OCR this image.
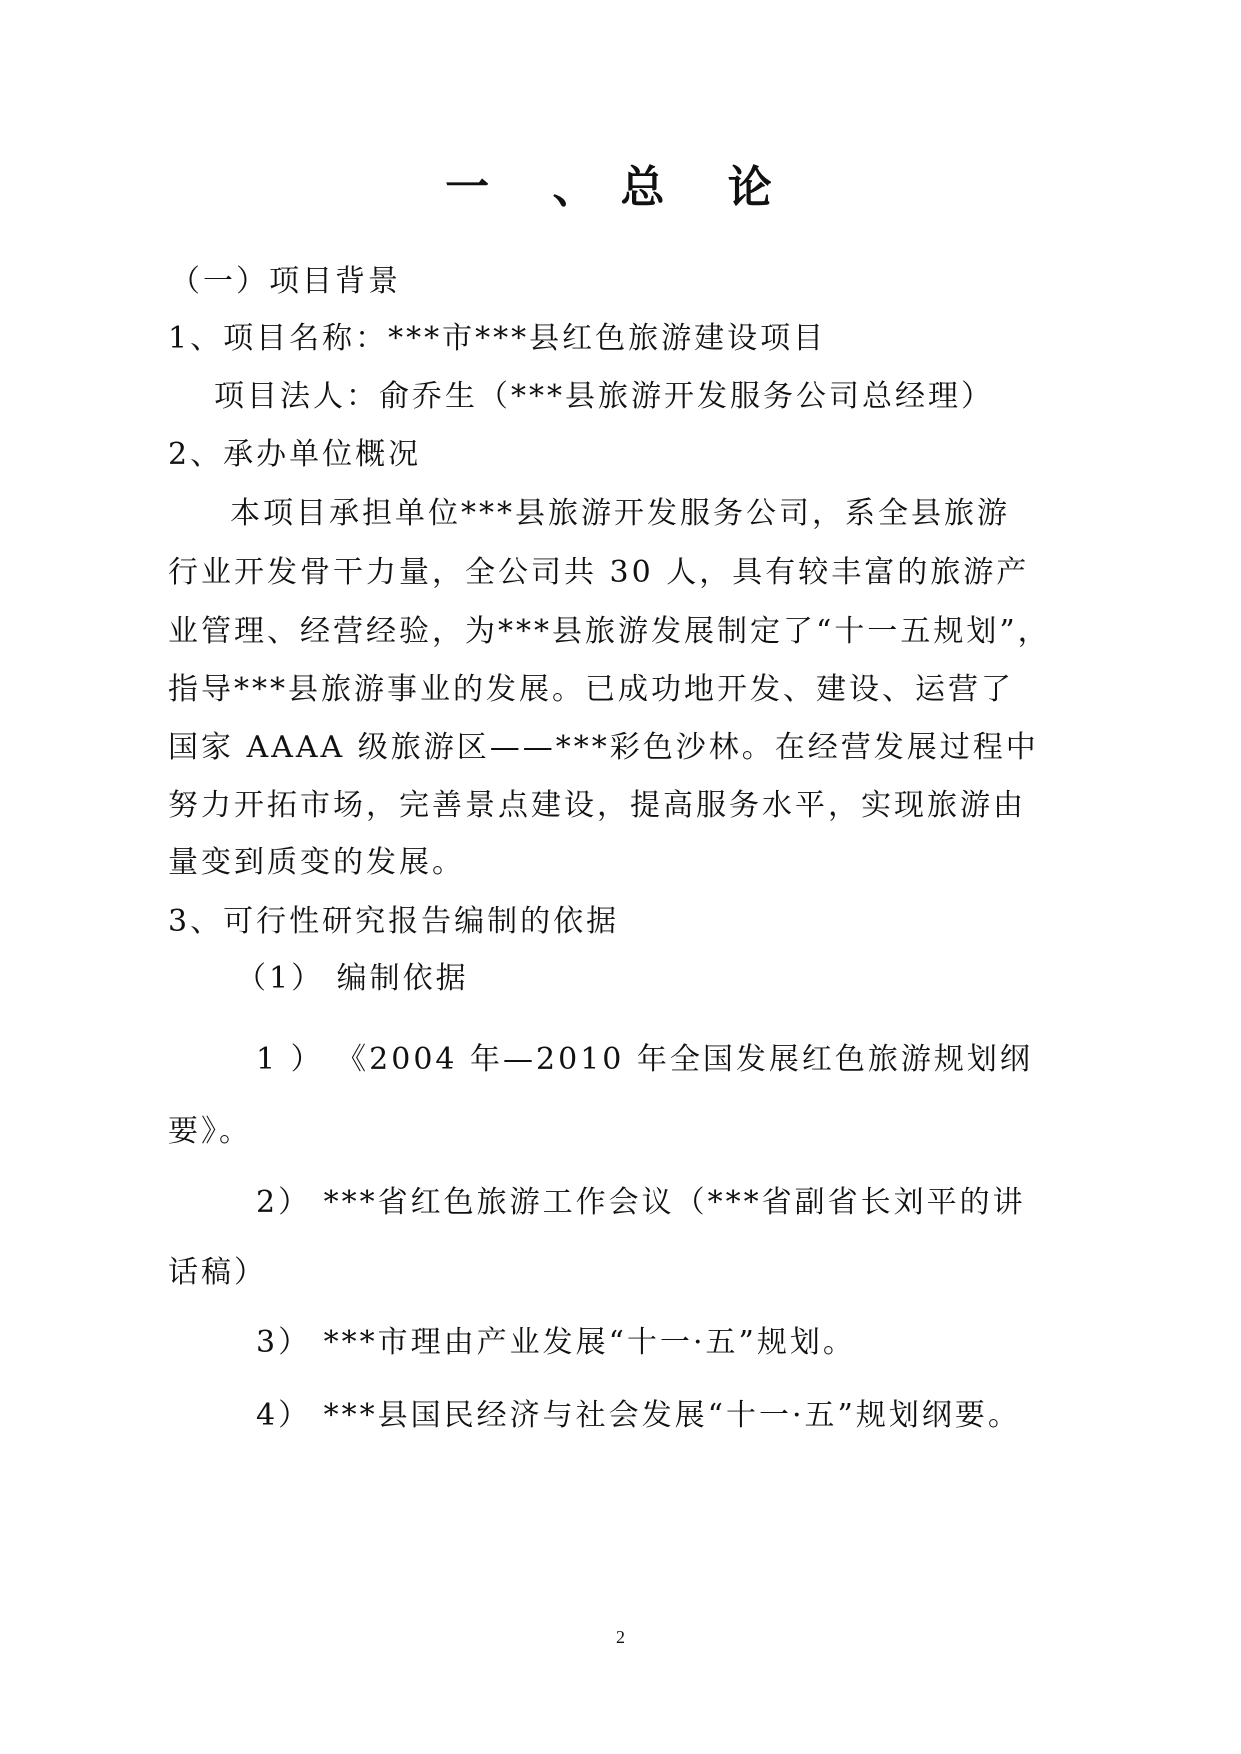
一 、总 论
（一）项目背景
1、项目名称：***市***县红色旅游建设项目
项目法人：俞乔生（***县旅游开发服务公司总经理）
2、承办单位概况
本项目承担单位***县旅游开发服务公司，系全县旅游
行业开发骨干力量，全公司共 30 人，具有较丰富的旅游产
业管理、经营经验，为***县旅游发展制定了“十一五规划”，
指导***县旅游事业的发展。已成功地开发、建设、运营了
国家 AAAA 级旅游区——***彩色沙林。在经营发展过程中
努力开拓市场，完善景点建设，提高服务水平，实现旅游由
量变到质变的发展。
3、可行性研究报告编制的依据
（1） 编制依据
1 ） 《2004 年—2010 年全国发展红色旅游规划纲
要》。
2） ***省红色旅游工作会议（***省副省长刘平的讲
话稿）
3） ***市理由产业发展“十一·五”规划。
4） ***县国民经济与社会发展“十一·五”规划纲要。
2
